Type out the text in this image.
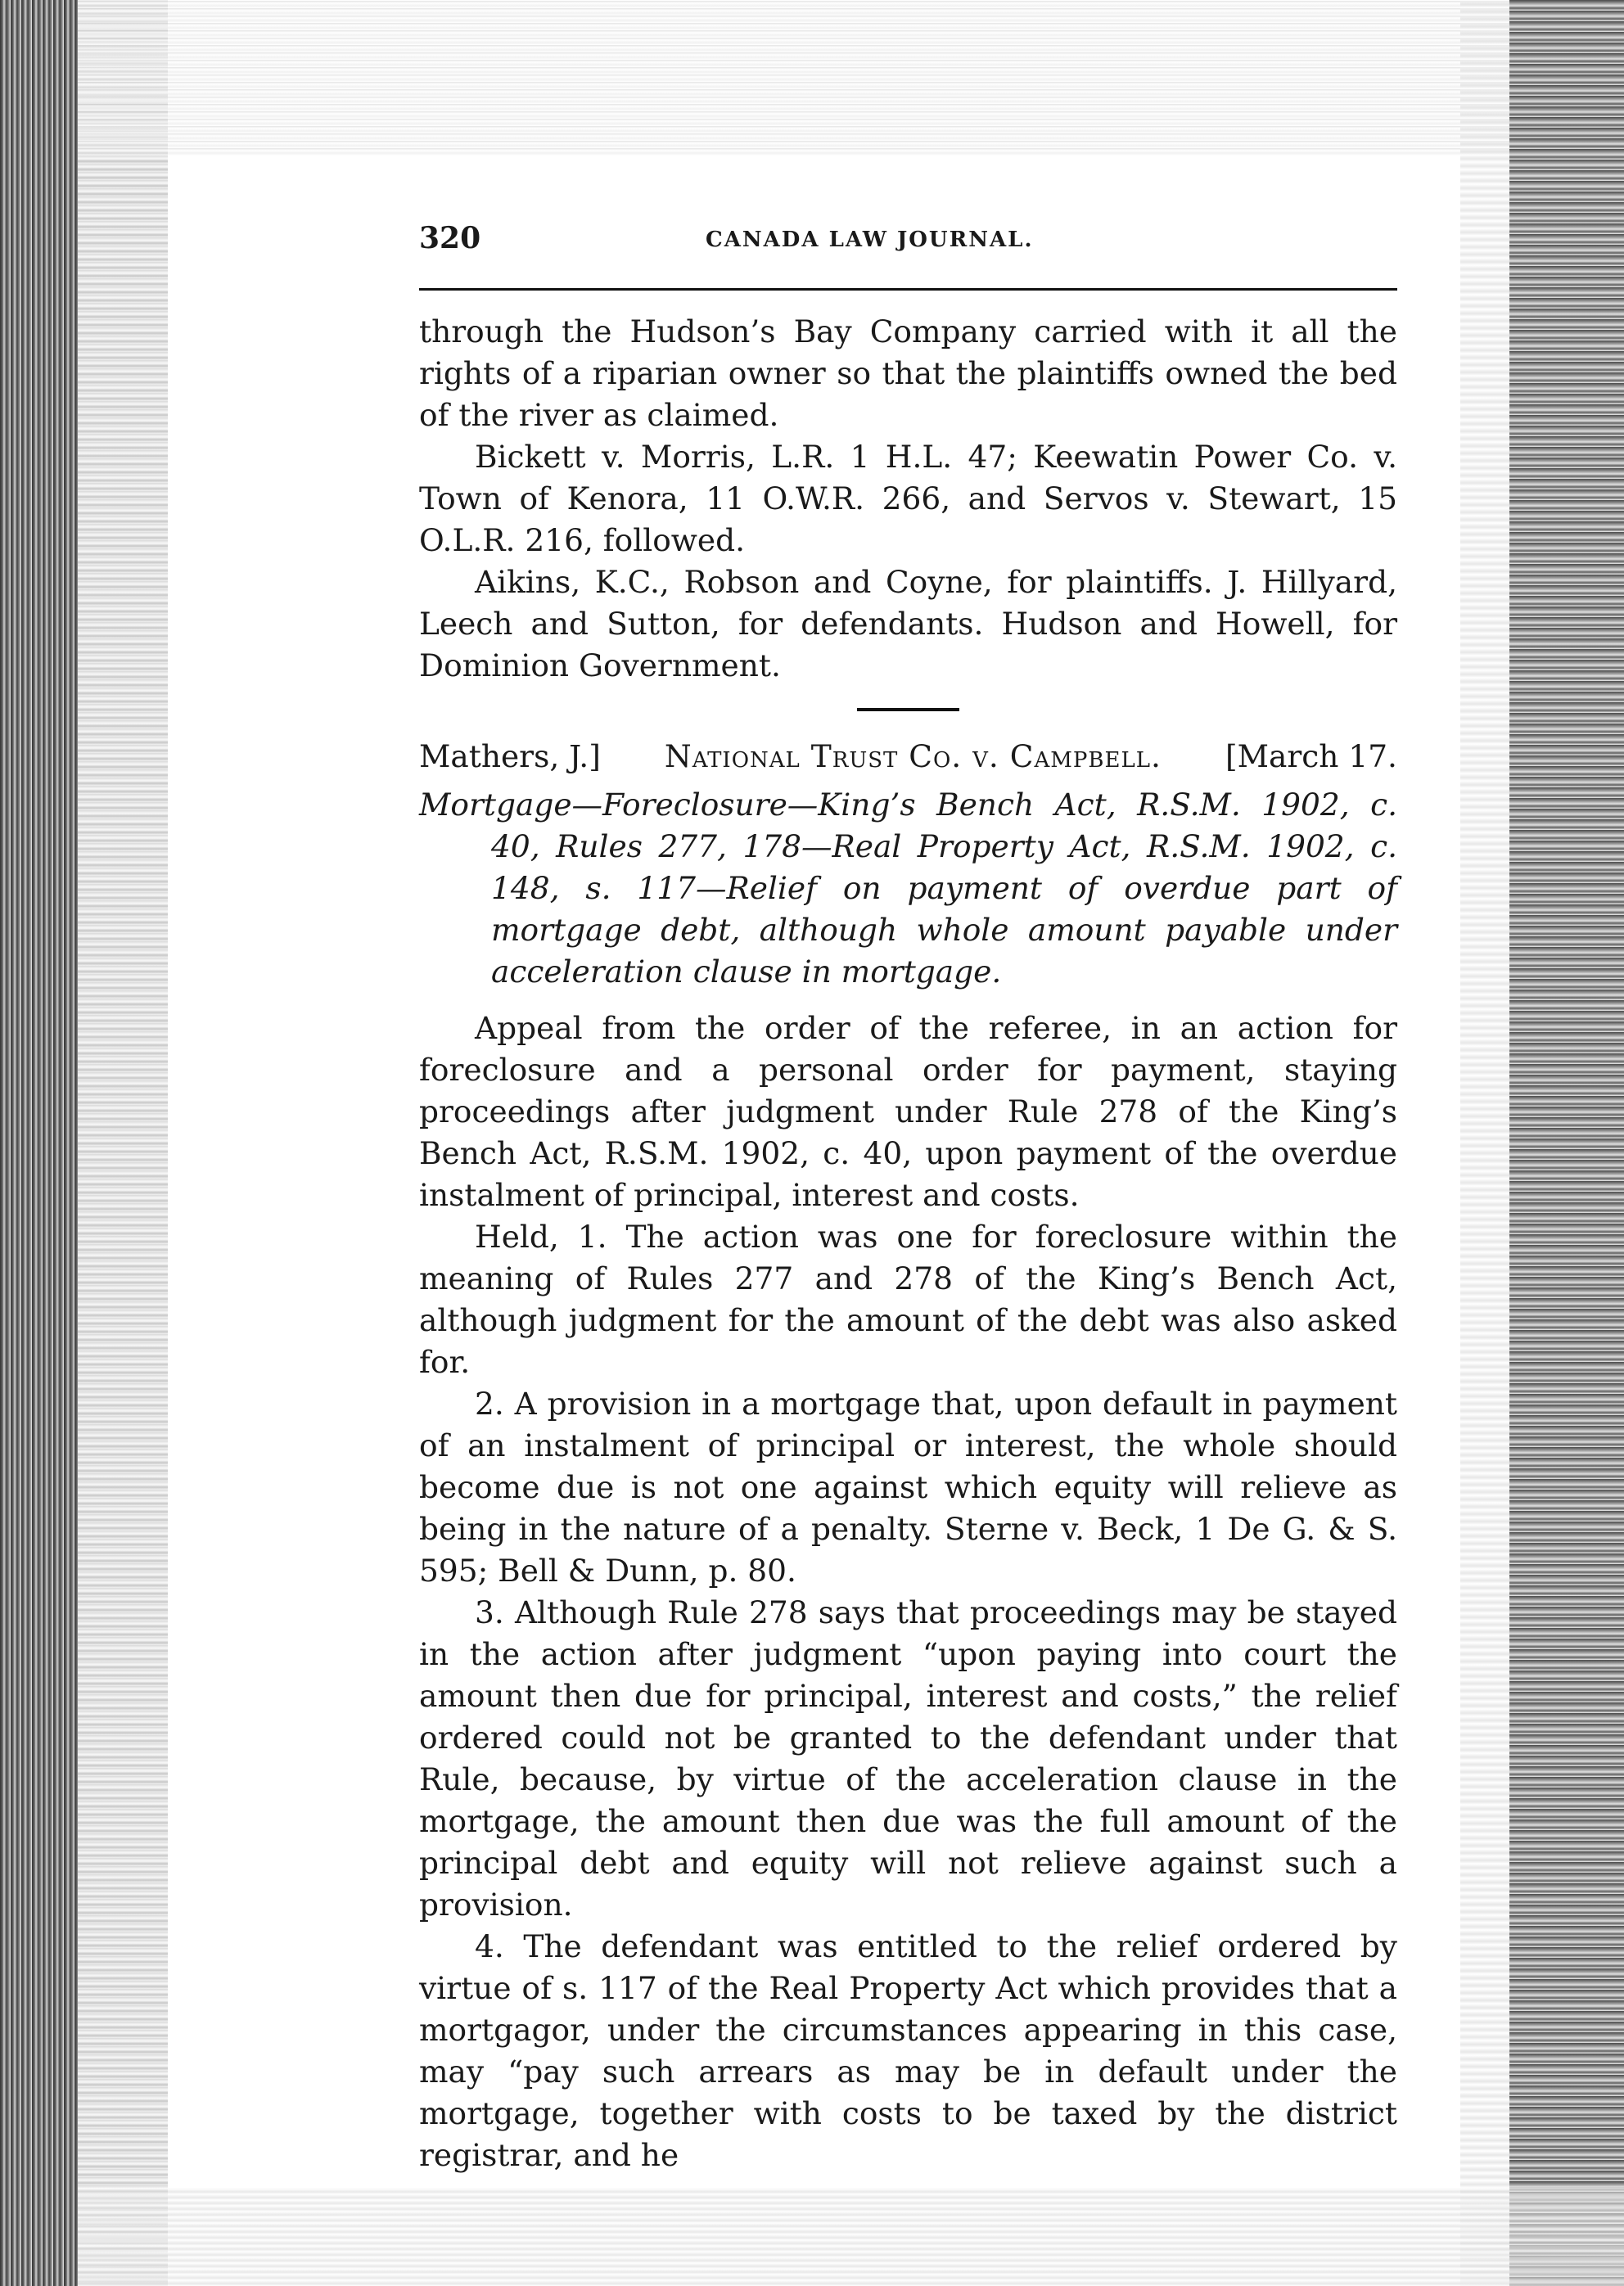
320	CANADA LAW JOURNAL.

through the Hudson’s Bay Company carried with it all the rights of a riparian owner so that the plaintiffs owned the bed of the river as claimed.

Bickett v. Morris, L.R. 1 H.L. 47; Keewatin Power Co. v. Town of Kenora, 11 O.W.R. 266, and Servos v. Stewart, 15 O.L.R. 216, followed.

Aikins, K.C., Robson and Coyne, for plaintiffs. J. Hillyard, Leech and Sutton, for defendants. Hudson and Howell, for Dominion Government.

Mathers, J.] National Trust Co. v. Campbell. [March 17.

Mortgage—Foreclosure—King’s Bench Act, R.S.M. 1902, c. 40, Rules 277, 178—Real Property Act, R.S.M. 1902, c. 148, s. 117—Relief on payment of overdue part of mortgage debt, although whole amount payable under acceleration clause in mortgage.

Appeal from the order of the referee, in an action for foreclosure and a personal order for payment, staying proceedings after judgment under Rule 278 of the King’s Bench Act, R.S.M. 1902, c. 40, upon payment of the overdue instalment of principal, interest and costs.

Held, 1. The action was one for foreclosure within the meaning of Rules 277 and 278 of the King’s Bench Act, although judgment for the amount of the debt was also asked for.

2. A provision in a mortgage that, upon default in payment of an instalment of principal or interest, the whole should become due is not one against which equity will relieve as being in the nature of a penalty. Sterne v. Beck, 1 De G. & S. 595; Bell & Dunn, p. 80.

3. Although Rule 278 says that proceedings may be stayed in the action after judgment “upon paying into court the amount then due for principal, interest and costs,” the relief ordered could not be granted to the defendant under that Rule, because, by virtue of the acceleration clause in the mortgage, the amount then due was the full amount of the principal debt and equity will not relieve against such a provision.

4. The defendant was entitled to the relief ordered by virtue of s. 117 of the Real Property Act which provides that a mortgagor, under the circumstances appearing in this case, may “pay such arrears as may be in default under the mortgage, together with costs to be taxed by the district registrar, and he
